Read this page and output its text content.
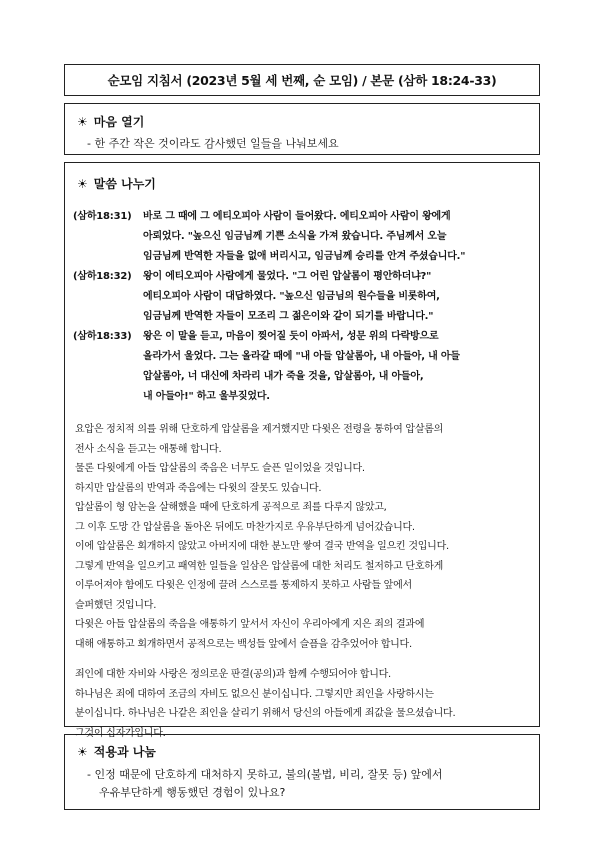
순모임 지침서 (2023년 5월 세 번째, 순 모임) / 본문 (삼하 18:24-33)
☀ 마음 열기
- 한 주간 작은 것이라도 감사했던 일들을 나눠보세요
☀ 말씀 나누기
(삼하18:31)	바로 그 때에 그 에티오피아 사람이 들어왔다. 에티오피아 사람이 왕에게
아뢰었다. "높으신 임금님께 기쁜 소식을 가져 왔습니다. 주님께서 오늘
임금님께 반역한 자들을 없애 버리시고, 임금님께 승리를 안겨 주셨습니다."
(삼하18:32)	왕이 에티오피아 사람에게 물었다. "그 어린 압살롬이 평안하더냐?"
에티오피아 사람이 대답하였다. "높으신 임금님의 원수들을 비롯하여,
임금님께 반역한 자들이 모조리 그 젊은이와 같이 되기를 바랍니다."
(삼하18:33)	왕은 이 말을 듣고, 마음이 찢어질 듯이 아파서, 성문 위의 다락방으로
올라가서 울었다. 그는 올라갈 때에 "내 아들 압살롬아, 내 아들아, 내 아들
압살롬아, 너 대신에 차라리 내가 죽을 것을, 압살롬아, 내 아들아,
내 아들아!" 하고 울부짖었다.
요압은 정치적 의를 위해 단호하게 압살롬을 제거했지만 다윗은 전령을 통하여 압살롬의
전사 소식을 듣고는 애통해 합니다.
물론 다윗에게 아들 압살롬의 죽음은 너무도 슬픈 일이었을 것입니다.
하지만 압살롬의 반역과 죽음에는 다윗의 잘못도 있습니다.
압살롬이 형 암논을 살해했을 때에 단호하게 공적으로 죄를 다루지 않았고,
그 이후 도망 간 압살롬을 돌아온 뒤에도 마찬가지로 우유부단하게 넘어갔습니다.
이에 압살롬은 회개하지 않았고 아버지에 대한 분노만 쌓여 결국 반역을 일으킨 것입니다.
그렇게 반역을 일으키고 패역한 일들을 일삼은 압살롬에 대한 처리도 철저하고 단호하게
이루어져야 함에도 다윗은 인정에 끌려 스스로를 통제하지 못하고 사람들 앞에서
슬퍼했던 것입니다.
다윗은 아들 압살롬의 죽음을 애통하기 앞서서 자신이 우리아에게 지은 죄의 결과에
대해 애통하고 회개하면서 공적으로는 백성들 앞에서 슬픔을 감추었어야 합니다.
죄인에 대한 자비와 사랑은 정의로운 판결(공의)과 함께 수행되어야 합니다.
하나님은 죄에 대하여 조금의 자비도 없으신 분이십니다. 그렇지만 죄인을 사랑하시는
분이십니다. 하나님은 나같은 죄인을 살리기 위해서 당신의 아들에게 죄값을 물으셨습니다.
그것이 십자가입니다.
☀ 적용과 나눔
- 인정 때문에 단호하게 대처하지 못하고, 불의(불법, 비리, 잘못 등) 앞에서
우유부단하게 행동했던 경험이 있나요?
